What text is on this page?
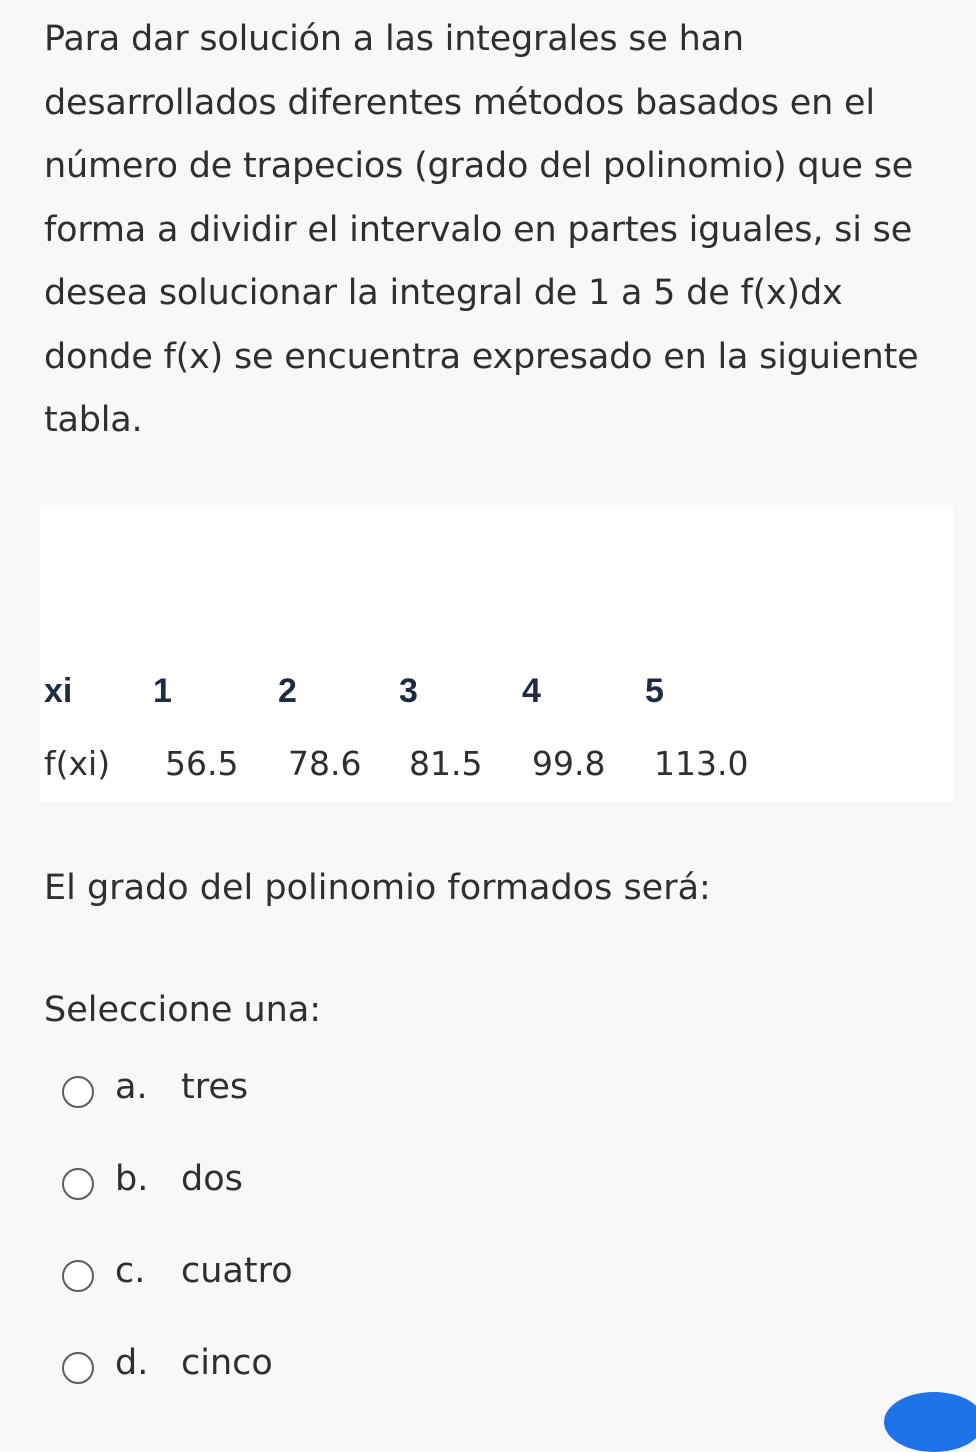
Para dar solución a las integrales se han desarrollados diferentes métodos basados en el número de trapecios (grado del polinomio) que se forma a dividir el intervalo en partes iguales, si se desea solucionar la integral de 1 a 5 de f(x)dx donde f(x) se encuentra expresado en la siguiente tabla.

xi 1	2	3	4	5
f(xi) 56.5 78.6 81.5 99.8 113.0

El grado del polinomio formados será:

Seleccione una:

a. tres
b. dos
c. cuatro
d. cinco
